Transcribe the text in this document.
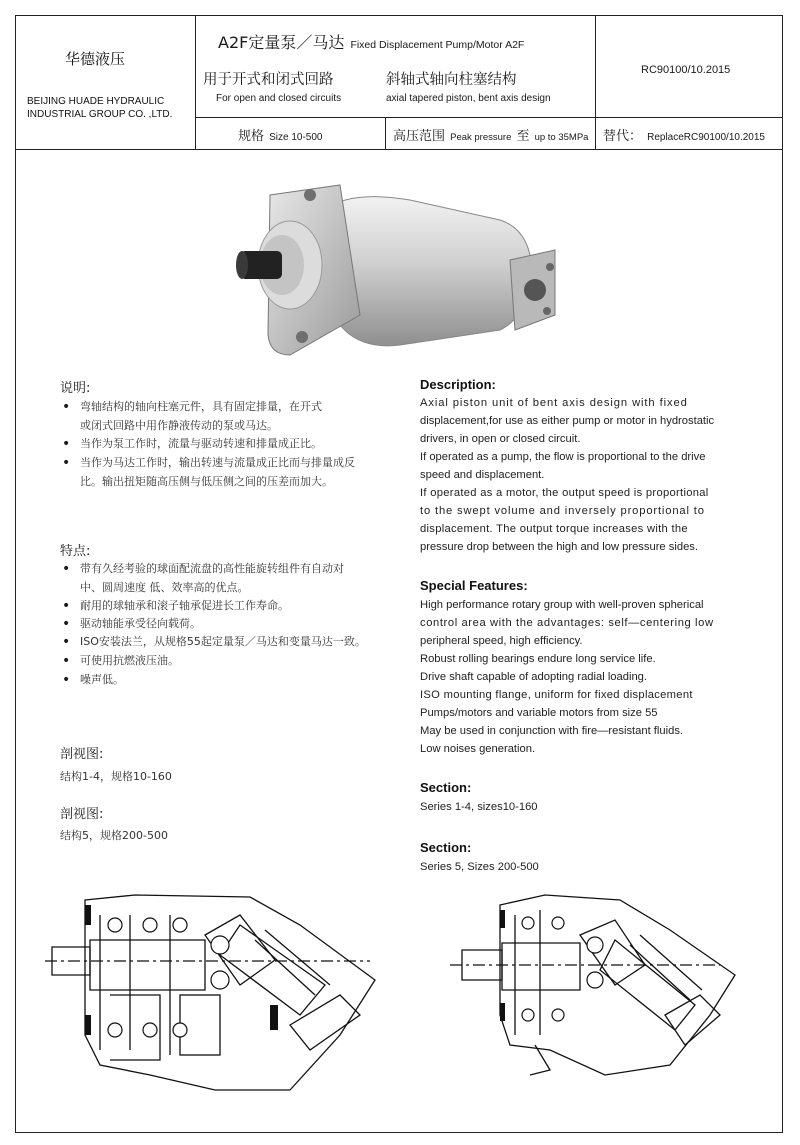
华德液压
BEIJING HUADE HYDRAULIC
INDUSTRIAL GROUP CO. ,LTD.
A2F定量泵／马达 Fixed Displacement Pump/Motor A2F
用于开式和闭式回路
For open and closed circuits
斜轴式轴向柱塞结构
axial tapered piston, bent axis design
RC90100/10.2015
规格 Size 10-500	高压范围 Peak pressure 至 up to 35MPa 替代： ReplaceRC90100/10.2015
说明:
• 弯轴结构的轴向柱塞元件，具有固定排量，在开式
或闭式回路中用作静液传动的泵或马达。
• 当作为泵工作时，流量与驱动转速和排量成正比。
• 当作为马达工作时，输出转速与流量成正比而与排量成反
比。输出扭矩随高压侧与低压侧之间的压差而加大。
特点:
• 带有久经考验的球面配流盘的高性能旋转组件有自动对
中、圆周速度 低、效率高的优点。
• 耐用的球轴承和滚子轴承促进长工作寿命。
• 驱动轴能承受径向载荷。
• ISO安装法兰，从规格55起定量泵／马达和变量马达一致。
• 可使用抗燃液压油。
• 噪声低。
剖视图:
结构1-4，规格10-160
剖视图:
结构5，规格200-500
Description:
Axial piston unit of bent axis design with fixed
displacement,for use as either pump or motor in hydrostatic
drivers, in open or closed circuit.
If operated as a pump, the flow is proportional to the drive
speed and displacement.
If operated as a motor, the output speed is proportional
to the swept volume and inversely proportional to
displacement. The output torque increases with the
pressure drop between the high and low pressure sides.
Special Features:
High performance rotary group with well-proven spherical
control area with the advantages: self—centering low
peripheral speed, high efficiency.
Robust rolling bearings endure long service life.
Drive shaft capable of adopting radial loading.
ISO mounting flange, uniform for fixed displacement
Pumps/motors and variable motors from size 55
May be used in conjunction with fire—resistant fluids.
Low noises generation.
Section:
Series 1-4, sizes10-160
Section:
Series 5, Sizes 200-500
